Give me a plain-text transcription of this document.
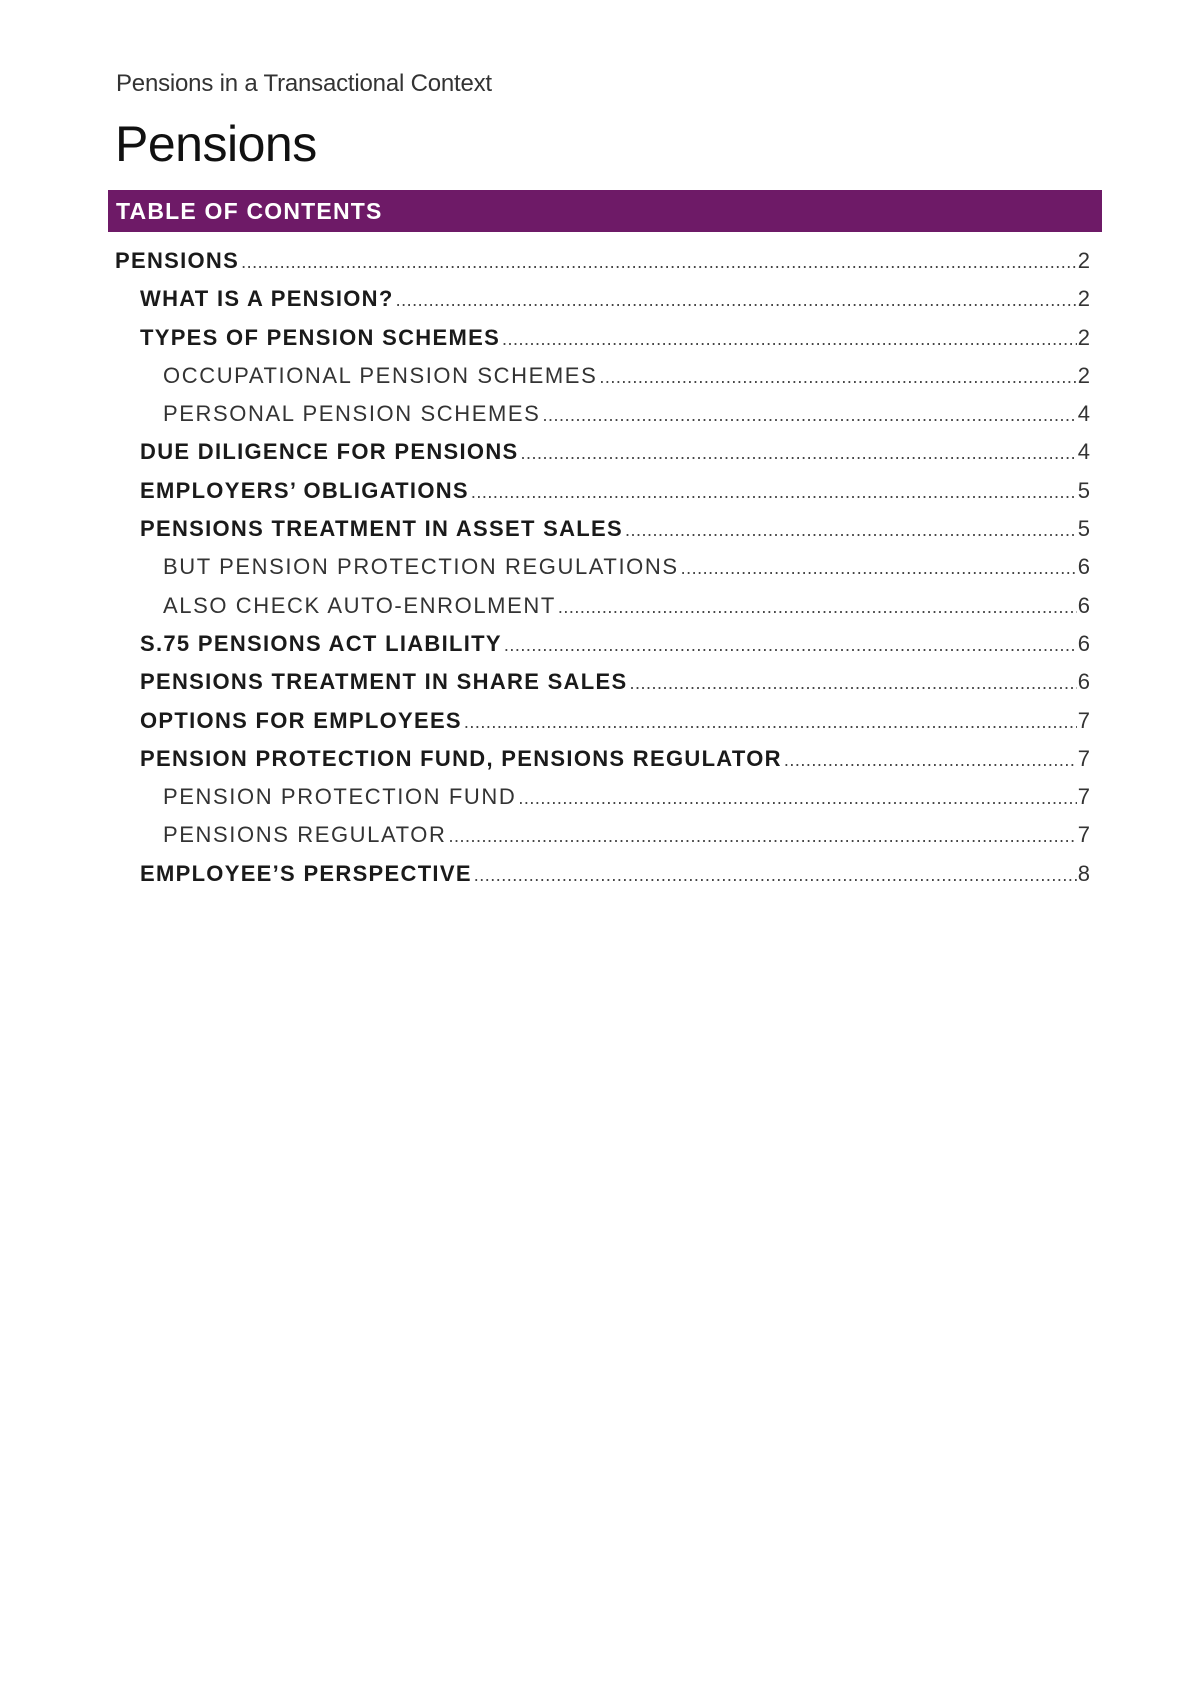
Pensions in a Transactional Context
Pensions
TABLE OF CONTENTS
PENSIONS .....	2
WHAT IS A PENSION? .....	2
TYPES OF PENSION SCHEMES .....	2
OCCUPATIONAL PENSION SCHEMES .....	2
PERSONAL PENSION SCHEMES .....	4
DUE DILIGENCE FOR PENSIONS .....	4
EMPLOYERS’ OBLIGATIONS .....	5
PENSIONS TREATMENT IN ASSET SALES .....	5
BUT PENSION PROTECTION REGULATIONS .....	6
ALSO CHECK AUTO-ENROLMENT .....	6
S.75 PENSIONS ACT LIABILITY .....	6
PENSIONS TREATMENT IN SHARE SALES .....	6
OPTIONS FOR EMPLOYEES .....	7
PENSION PROTECTION FUND, PENSIONS REGULATOR .....	7
PENSION PROTECTION FUND .....	7
PENSIONS REGULATOR .....	7
EMPLOYEE’S PERSPECTIVE .....	8
